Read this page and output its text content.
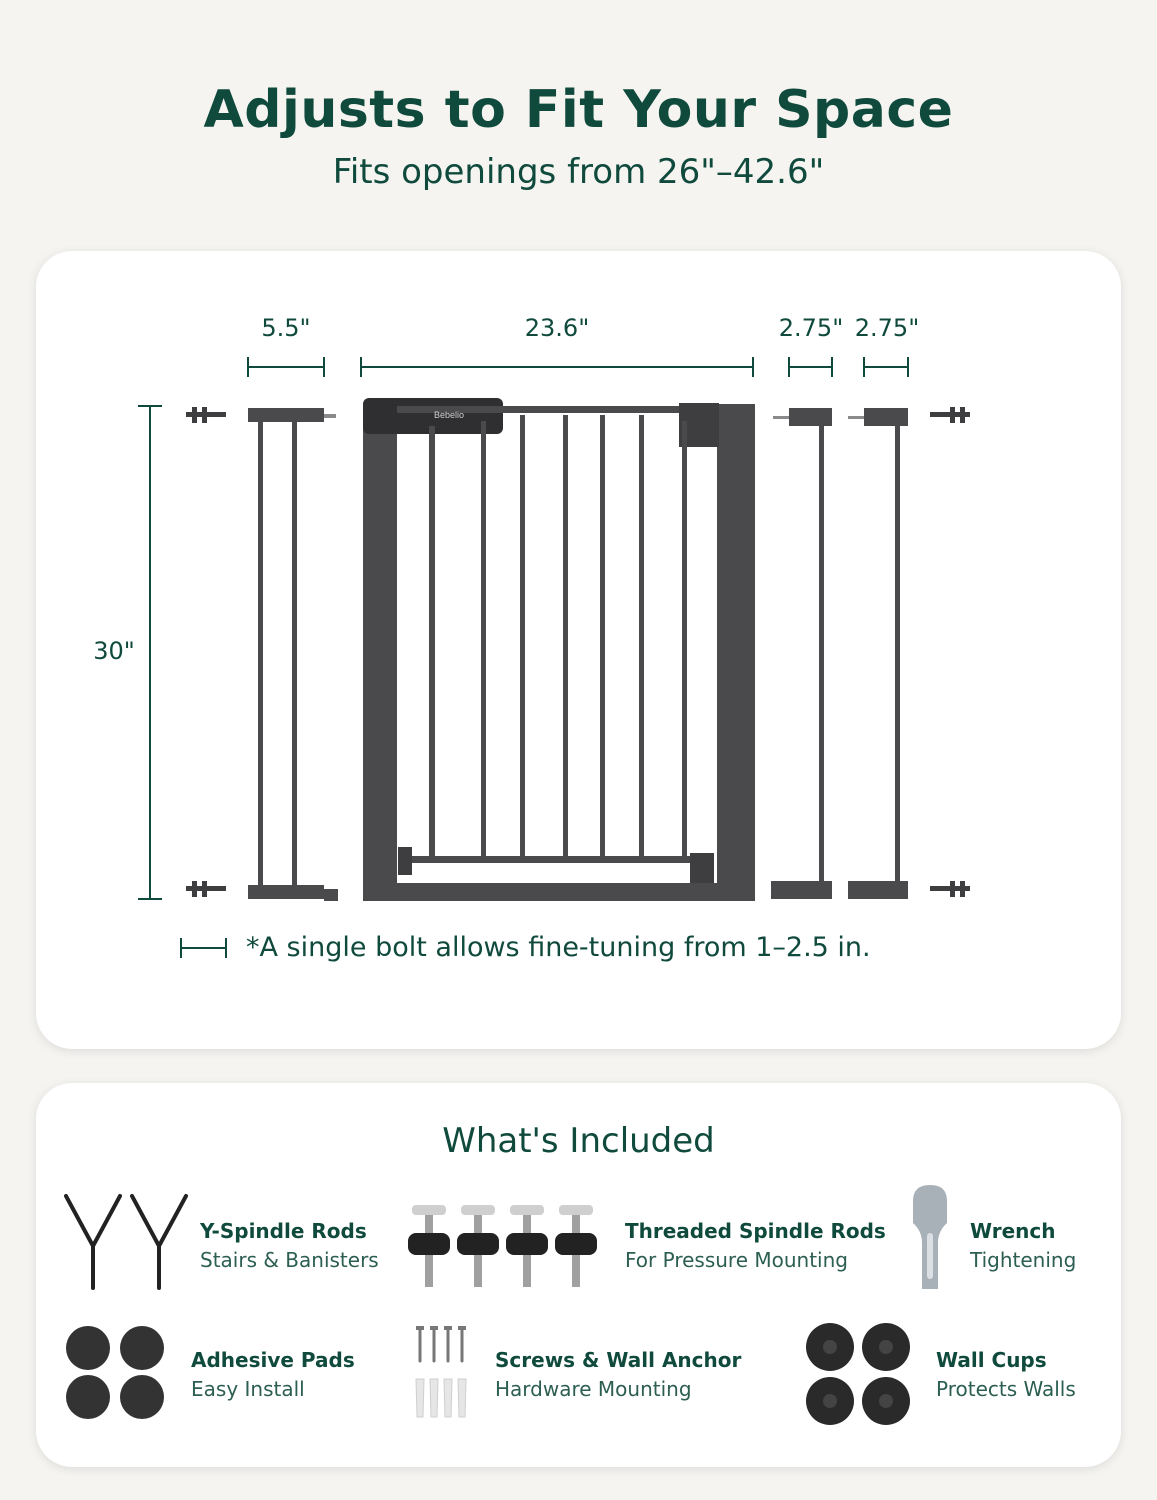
Adjusts to Fit Your Space
Fits openings from 26"–42.6"
Bebelio
5.5"	23.6"	2.75" 2.75"
30"
*A single bolt allows fine-tuning from 1–2.5 in.
What's Included
Y-Spindle Rods
Stairs & Banisters
Threaded Spindle Rods
For Pressure Mounting
Wrench
Tightening
Adhesive Pads
Easy Install
Screws & Wall Anchor
Hardware Mounting
Wall Cups
Protects Walls
